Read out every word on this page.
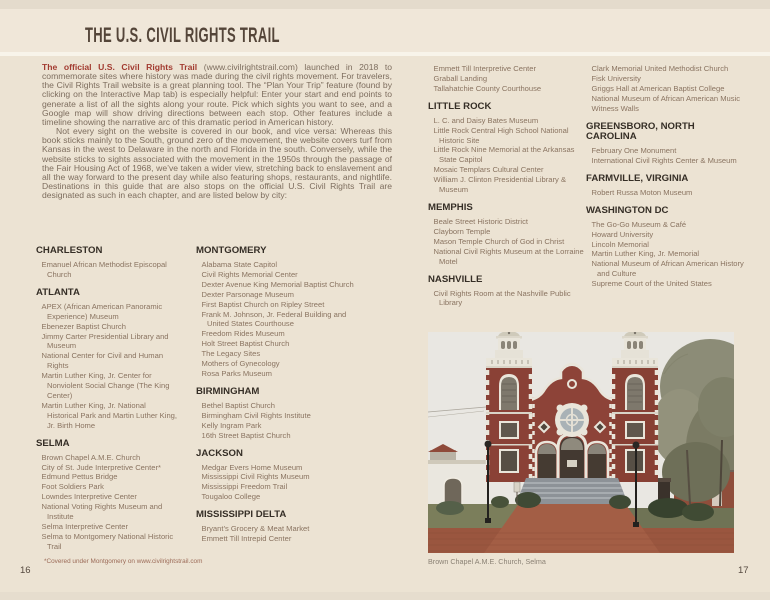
THE U.S. CIVIL RIGHTS TRAIL

The official U.S. Civil Rights Trail (www.civilrightstrail.com) launched in 2018 to commemorate sites where history was made during the civil rights movement. For travelers, the Civil Rights Trail website is a great planning tool. The “Plan Your Trip” feature (found by clicking on the Interactive Map tab) is especially helpful: Enter your start and end points to generate a list of all the sights along your route. Pick which sights you want to see, and a Google map will show driving directions between each stop. Other features include a timeline showing the narrative arc of this dramatic period in American history.

Not every sight on the website is covered in our book, and vice versa: Whereas this book sticks mainly to the South, ground zero of the movement, the website covers turf from Kansas in the west to Delaware in the north and Florida in the south. Conversely, while the website sticks to sights associated with the movement in the 1950s through the passage of the Fair Housing Act of 1968, we’ve taken a wider view, stretching back to enslavement and all the way forward to the present day while also featuring shops, restaurants, and nightlife. Destinations in this guide that are also stops on the official U.S. Civil Rights Trail are designated as such in each chapter, and are listed below by city:

CHARLESTON
Emanuel African Methodist Episcopal Church
ATLANTA
APEX (African American Panoramic Experience) Museum
Ebenezer Baptist Church
Jimmy Carter Presidential Library and Museum
National Center for Civil and Human Rights
Martin Luther King, Jr. Center for Nonviolent Social Change (The King Center)
Martin Luther King, Jr. National Historical Park and Martin Luther King, Jr. Birth Home
SELMA
Brown Chapel A.M.E. Church
City of St. Jude Interpretive Center*
Edmund Pettus Bridge
Foot Soldiers Park
Lowndes Interpretive Center
National Voting Rights Museum and Institute
Selma Interpretive Center
Selma to Montgomery National Historic Trail
MONTGOMERY
Alabama State Capitol
Civil Rights Memorial Center
Dexter Avenue King Memorial Baptist Church
Dexter Parsonage Museum
First Baptist Church on Ripley Street
Frank M. Johnson, Jr. Federal Building and United States Courthouse
Freedom Rides Museum
Holt Street Baptist Church
The Legacy Sites
Mothers of Gynecology
Rosa Parks Museum
BIRMINGHAM
Bethel Baptist Church
Birmingham Civil Rights Institute
Kelly Ingram Park
16th Street Baptist Church
JACKSON
Medgar Evers Home Museum
Mississippi Civil Rights Museum
Mississippi Freedom Trail
Tougaloo College
MISSISSIPPI DELTA
Bryant’s Grocery & Meat Market
Emmett Till Intrepid Center
Emmett Till Interpretive Center
Graball Landing
Tallahatchie County Courthouse
LITTLE ROCK
L. C. and Daisy Bates Museum
Little Rock Central High School National Historic Site
Little Rock Nine Memorial at the Arkansas State Capitol
Mosaic Templars Cultural Center
William J. Clinton Presidential Library & Museum
MEMPHIS
Beale Street Historic District
Clayborn Temple
Mason Temple Church of God in Christ
National Civil Rights Museum at the Lorraine Motel
NASHVILLE
Civil Rights Room at the Nashville Public Library
Clark Memorial United Methodist Church
Fisk University
Griggs Hall at American Baptist College
National Museum of African American Music
Witness Walls
GREENSBORO, NORTH CAROLINA
February One Monument
International Civil Rights Center & Museum
FARMVILLE, VIRGINIA
Robert Russa Moton Museum
WASHINGTON DC
The Go-Go Museum & Café
Howard University
Lincoln Memorial
Martin Luther King, Jr. Memorial
National Museum of African American History and Culture
Supreme Court of the United States
*Covered under Montgomery on www.civilrightstrail.com	Brown Chapel A.M.E. Church, Selma
16	17
